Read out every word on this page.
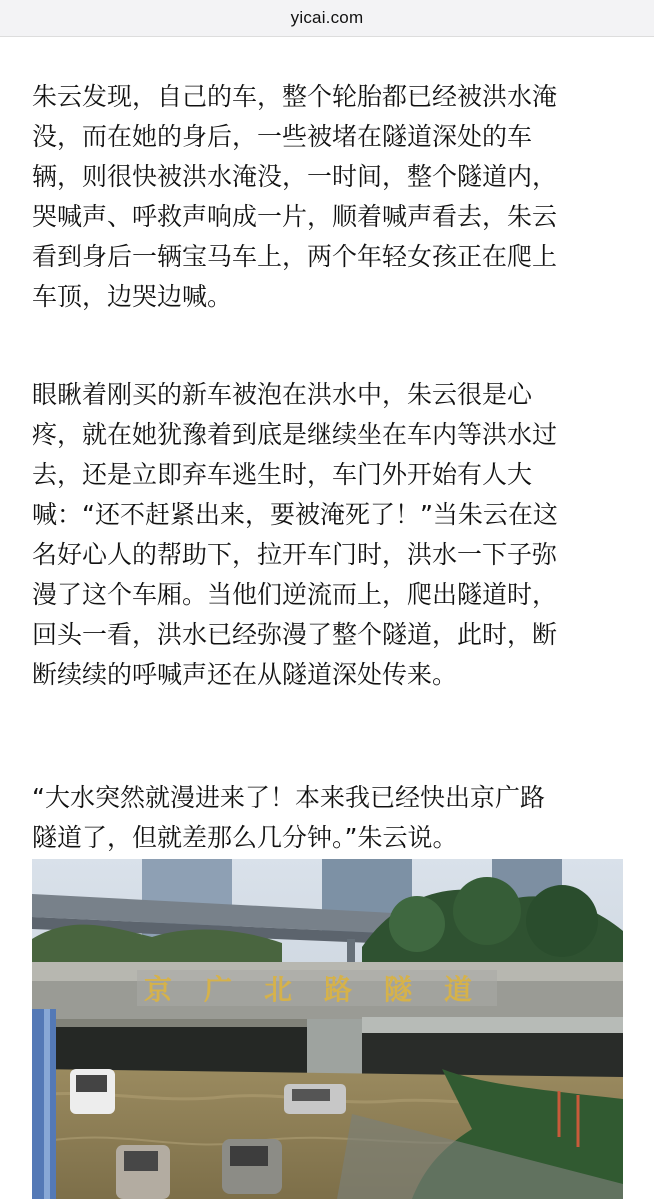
yicai.com

朱云发现，自己的车，整个轮胎都已经被洪水淹
没，而在她的身后，一些被堵在隧道深处的车
辆，则很快被洪水淹没，一时间，整个隧道内，
哭喊声、呼救声响成一片，顺着喊声看去，朱云
看到身后一辆宝马车上，两个年轻女孩正在爬上
车顶，边哭边喊。

眼瞅着刚买的新车被泡在洪水中，朱云很是心
疼，就在她犹豫着到底是继续坐在车内等洪水过
去，还是立即弃车逃生时，车门外开始有人大
喊：“还不赶紧出来，要被淹死了！”当朱云在这
名好心人的帮助下，拉开车门时，洪水一下子弥
漫了这个车厢。当他们逆流而上，爬出隧道时，
回头一看，洪水已经弥漫了整个隧道，此时，断
断续续的呼喊声还在从隧道深处传来。

“大水突然就漫进来了！本来我已经快出京广路
隧道了，但就差那么几分钟。”朱云说。

京广北路隧道
